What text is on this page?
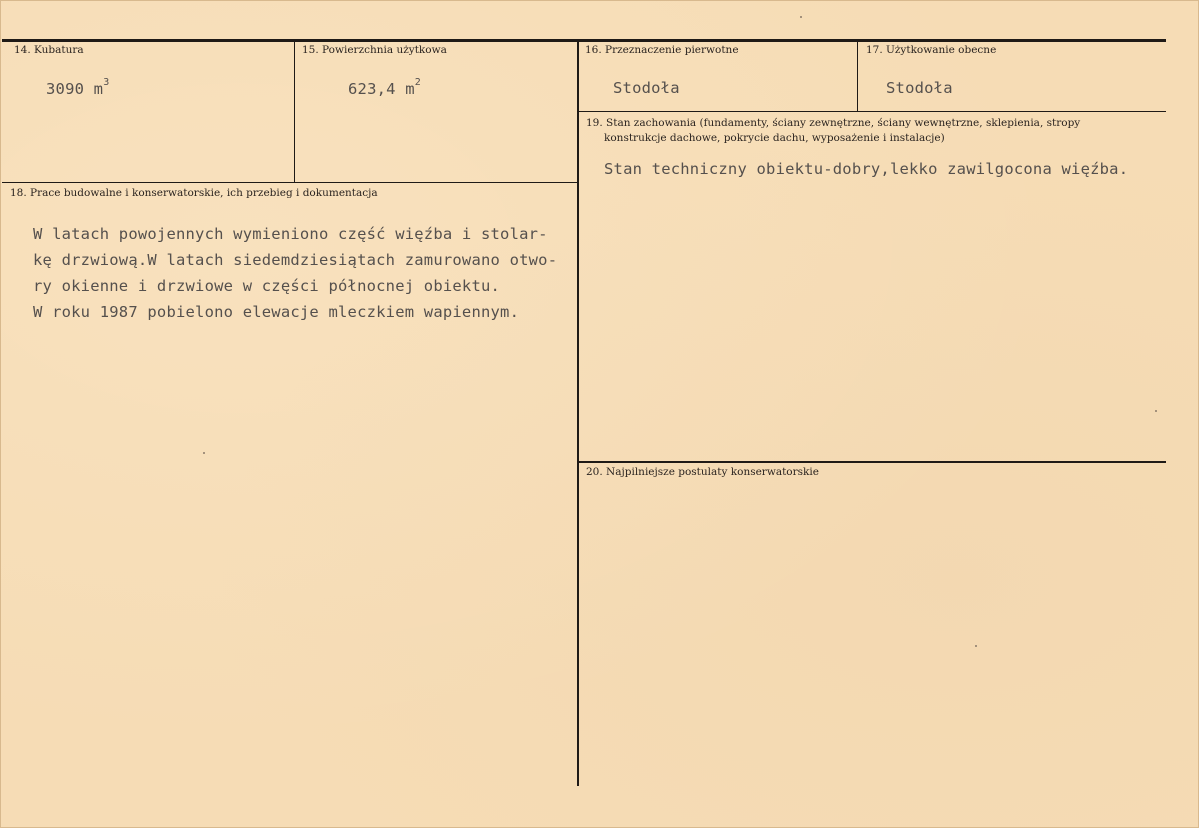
14. Kubatura
3090 $m^3$
15. Powierzchnia użytkowa
623,4 $m^2$
16. Przeznaczenie pierwotne
Stodoła
17. Użytkowanie obecne
Stodoła
18. Prace budowalne i konserwatorskie, ich przebieg i dokumentacja
W latach powojennych wymieniono część więźba i stolar-
kę drzwiową.W latach siedemdziesiątach zamurowano otwo-
ry okienne i drzwiowe w części północnej obiektu.
W roku 1987 pobielono elewacje mleczkiem wapiennym.
19. Stan zachowania (fundamenty, ściany zewnętrzne, ściany wewnętrzne, sklepienia, stropy
konstrukcje dachowe, pokrycie dachu, wyposażenie i instalacje)
Stan techniczny obiektu-dobry,lekko zawilgocona więźba.
20. Najpilniejsze postulaty konserwatorskie
